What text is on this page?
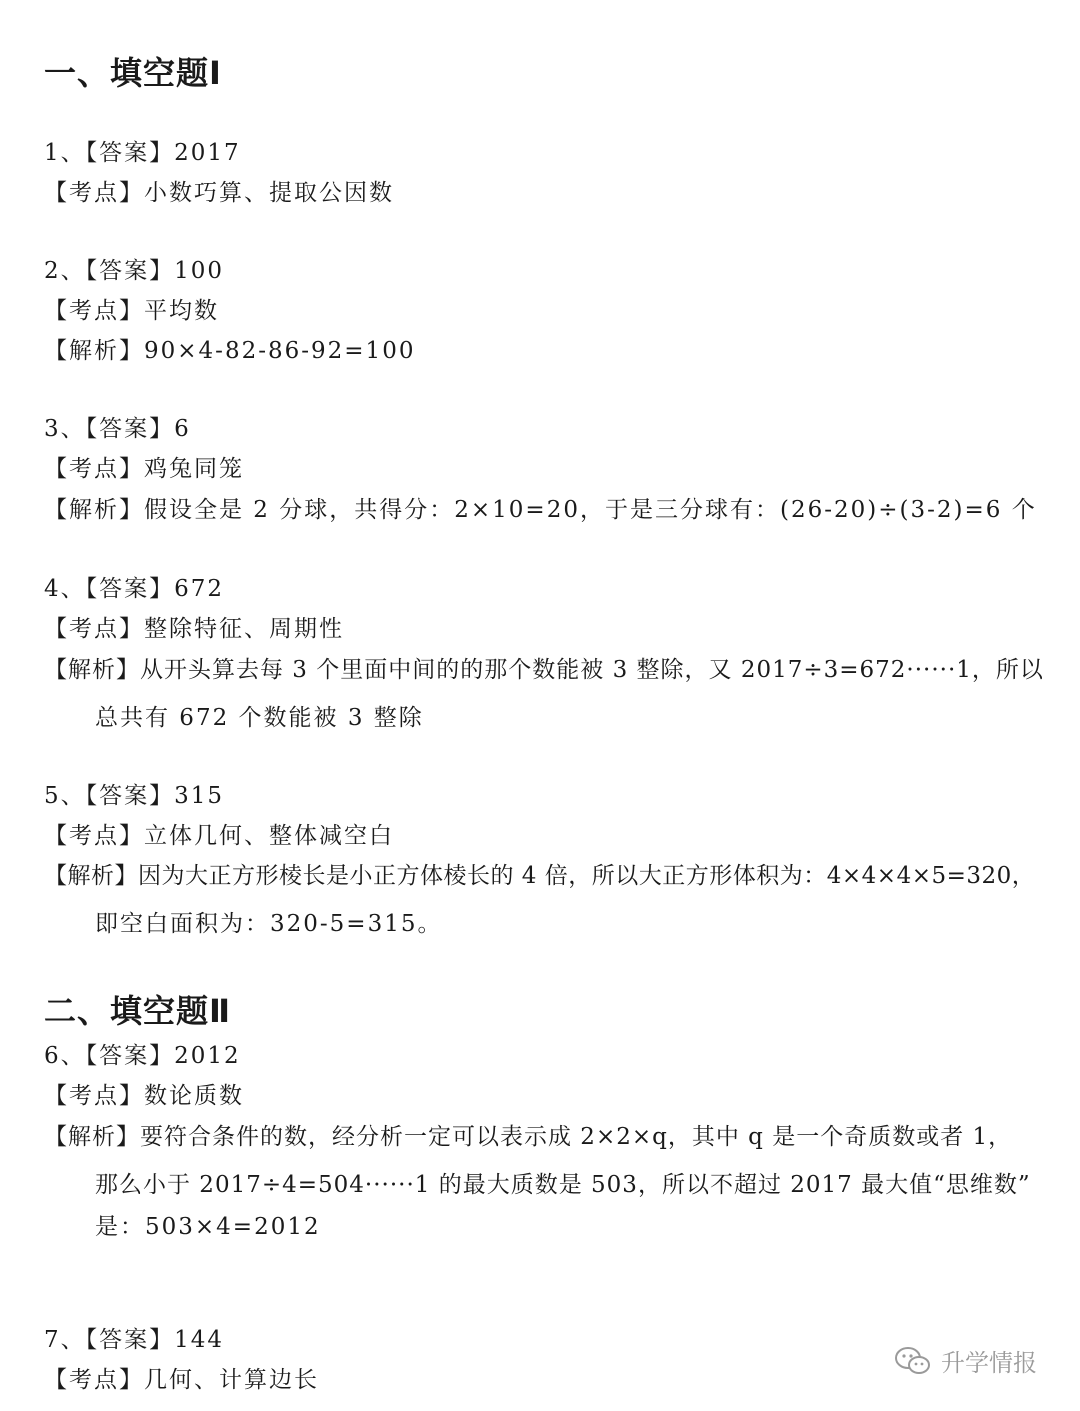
一、填空题Ⅰ
1、【答案】2017
【考点】小数巧算、提取公因数
2、【答案】100
【考点】平均数
【解析】90×4-82-86-92=100
3、【答案】6
【考点】鸡兔同笼
【解析】假设全是 2 分球，共得分：2×10=20，于是三分球有：(26-20)÷(3-2)=6 个
4、【答案】672
【考点】整除特征、周期性
【解析】从开头算去每 3 个里面中间的的那个数能被 3 整除，又 2017÷3=672······1，所以
总共有 672 个数能被 3 整除
5、【答案】315
【考点】立体几何、整体减空白
【解析】因为大正方形棱长是小正方体棱长的 4 倍，所以大正方形体积为：4×4×4×5=320，
即空白面积为：320-5=315。
二、填空题Ⅱ
6、【答案】2012
【考点】数论质数
【解析】要符合条件的数，经分析一定可以表示成 2×2×q，其中 q 是一个奇质数或者 1，
那么小于 2017÷4=504······1 的最大质数是 503，所以不超过 2017 最大值“思维数”
是：503×4=2012
7、【答案】144
【考点】几何、计算边长
升学情报
